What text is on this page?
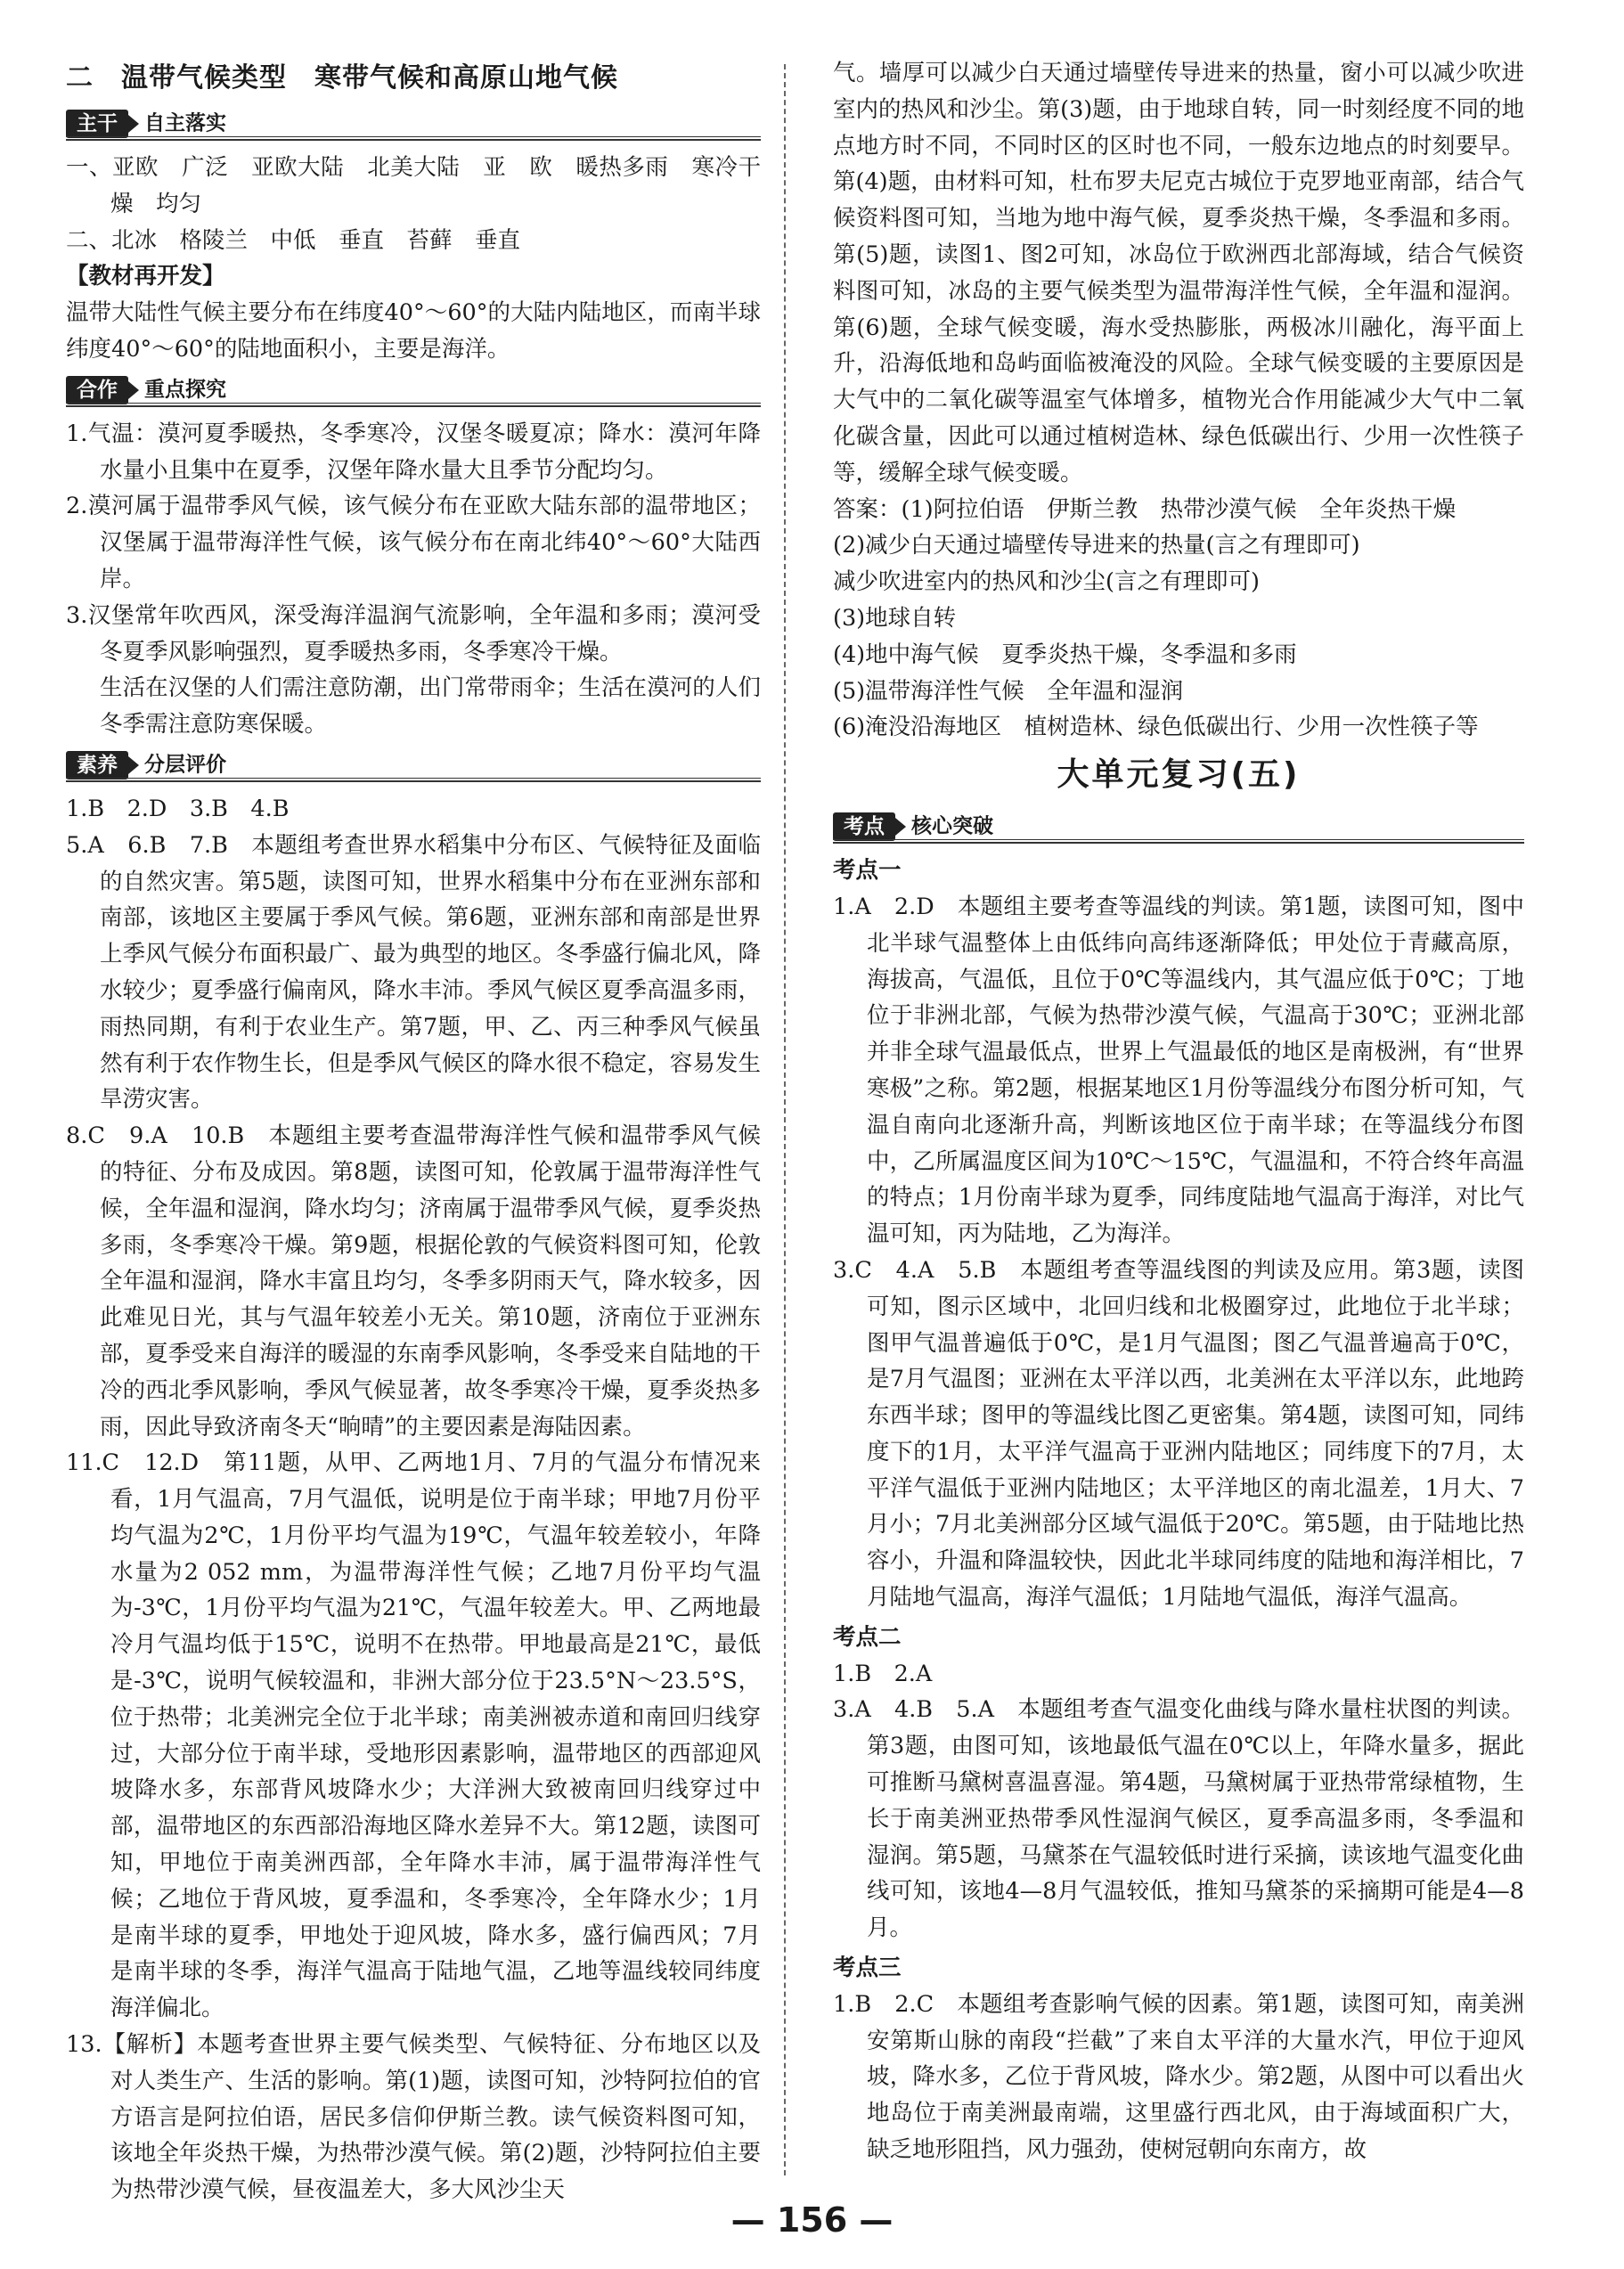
二　温带气候类型　寒带气候和高原山地气候
主干 自主落实

一、亚欧　广泛　亚欧大陆　北美大陆　亚　欧　暖热多雨　寒冷干燥　均匀

二、北冰　格陵兰　中低　垂直　苔藓　垂直

【教材再开发】

温带大陆性气候主要分布在纬度40°～60°的大陆内陆地区，而南半球纬度40°～60°的陆地面积小，主要是海洋。

合作 重点探究

1.气温：漠河夏季暖热，冬季寒冷，汉堡冬暖夏凉；降水：漠河年降水量小且集中在夏季，汉堡年降水量大且季节分配均匀。

2.漠河属于温带季风气候，该气候分布在亚欧大陆东部的温带地区；汉堡属于温带海洋性气候，该气候分布在南北纬40°～60°大陆西岸。

3.汉堡常年吹西风，深受海洋温润气流影响，全年温和多雨；漠河受冬夏季风影响强烈，夏季暖热多雨，冬季寒冷干燥。

生活在汉堡的人们需注意防潮，出门常带雨伞；生活在漠河的人们冬季需注意防寒保暖。

素养 分层评价

1.B　2.D　3.B　4.B

5.A　6.B　7.B　本题组考查世界水稻集中分布区、气候特征及面临的自然灾害。第5题，读图可知，世界水稻集中分布在亚洲东部和南部，该地区主要属于季风气候。第6题，亚洲东部和南部是世界上季风气候分布面积最广、最为典型的地区。冬季盛行偏北风，降水较少；夏季盛行偏南风，降水丰沛。季风气候区夏季高温多雨，雨热同期，有利于农业生产。第7题，甲、乙、丙三种季风气候虽然有利于农作物生长，但是季风气候区的降水很不稳定，容易发生旱涝灾害。

8.C　9.A　10.B　本题组主要考查温带海洋性气候和温带季风气候的特征、分布及成因。第8题，读图可知，伦敦属于温带海洋性气候，全年温和湿润，降水均匀；济南属于温带季风气候，夏季炎热多雨，冬季寒冷干燥。第9题，根据伦敦的气候资料图可知，伦敦全年温和湿润，降水丰富且均匀，冬季多阴雨天气，降水较多，因此难见日光，其与气温年较差小无关。第10题，济南位于亚洲东部，夏季受来自海洋的暖湿的东南季风影响，冬季受来自陆地的干冷的西北季风影响，季风气候显著，故冬季寒冷干燥，夏季炎热多雨，因此导致济南冬天“晌晴”的主要因素是海陆因素。

11.C　12.D　第11题，从甲、乙两地1月、7月的气温分布情况来看，1月气温高，7月气温低，说明是位于南半球；甲地7月份平均气温为2℃，1月份平均气温为19℃，气温年较差较小，年降水量为2 052 mm，为温带海洋性气候；乙地7月份平均气温为-3℃，1月份平均气温为21℃，气温年较差大。甲、乙两地最冷月气温均低于15℃，说明不在热带。甲地最高是21℃，最低是-3℃，说明气候较温和，非洲大部分位于23.5°N～23.5°S，位于热带；北美洲完全位于北半球；南美洲被赤道和南回归线穿过，大部分位于南半球，受地形因素影响，温带地区的西部迎风坡降水多，东部背风坡降水少；大洋洲大致被南回归线穿过中部，温带地区的东西部沿海地区降水差异不大。第12题，读图可知，甲地位于南美洲西部，全年降水丰沛，属于温带海洋性气候；乙地位于背风坡，夏季温和，冬季寒冷，全年降水少；1月是南半球的夏季，甲地处于迎风坡，降水多，盛行偏西风；7月是南半球的冬季，海洋气温高于陆地气温，乙地等温线较同纬度海洋偏北。

13.【解析】本题考查世界主要气候类型、气候特征、分布地区以及对人类生产、生活的影响。第(1)题，读图可知，沙特阿拉伯的官方语言是阿拉伯语，居民多信仰伊斯兰教。读气候资料图可知，该地全年炎热干燥，为热带沙漠气候。第(2)题，沙特阿拉伯主要为热带沙漠气候，昼夜温差大，多大风沙尘天

气。墙厚可以减少白天通过墙壁传导进来的热量，窗小可以减少吹进室内的热风和沙尘。第(3)题，由于地球自转，同一时刻经度不同的地点地方时不同，不同时区的区时也不同，一般东边地点的时刻要早。第(4)题，由材料可知，杜布罗夫尼克古城位于克罗地亚南部，结合气候资料图可知，当地为地中海气候，夏季炎热干燥，冬季温和多雨。第(5)题，读图1、图2可知，冰岛位于欧洲西北部海域，结合气候资料图可知，冰岛的主要气候类型为温带海洋性气候，全年温和湿润。第(6)题，全球气候变暖，海水受热膨胀，两极冰川融化，海平面上升，沿海低地和岛屿面临被淹没的风险。全球气候变暖的主要原因是大气中的二氧化碳等温室气体增多，植物光合作用能减少大气中二氧化碳含量，因此可以通过植树造林、绿色低碳出行、少用一次性筷子等，缓解全球气候变暖。

答案：(1)阿拉伯语　伊斯兰教　热带沙漠气候　全年炎热干燥

(2)减少白天通过墙壁传导进来的热量(言之有理即可)

减少吹进室内的热风和沙尘(言之有理即可)

(3)地球自转

(4)地中海气候　夏季炎热干燥，冬季温和多雨

(5)温带海洋性气候　全年温和湿润

(6)淹没沿海地区　植树造林、绿色低碳出行、少用一次性筷子等

大单元复习(五)
考点 核心突破

考点一

1.A　2.D　本题组主要考查等温线的判读。第1题，读图可知，图中北半球气温整体上由低纬向高纬逐渐降低；甲处位于青藏高原，海拔高，气温低，且位于0℃等温线内，其气温应低于0℃；丁地位于非洲北部，气候为热带沙漠气候，气温高于30℃；亚洲北部并非全球气温最低点，世界上气温最低的地区是南极洲，有“世界寒极”之称。第2题，根据某地区1月份等温线分布图分析可知，气温自南向北逐渐升高，判断该地区位于南半球；在等温线分布图中，乙所属温度区间为10℃～15℃，气温温和，不符合终年高温的特点；1月份南半球为夏季，同纬度陆地气温高于海洋，对比气温可知，丙为陆地，乙为海洋。

3.C　4.A　5.B　本题组考查等温线图的判读及应用。第3题，读图可知，图示区域中，北回归线和北极圈穿过，此地位于北半球；图甲气温普遍低于0℃，是1月气温图；图乙气温普遍高于0℃，是7月气温图；亚洲在太平洋以西，北美洲在太平洋以东，此地跨东西半球；图甲的等温线比图乙更密集。第4题，读图可知，同纬度下的1月，太平洋气温高于亚洲内陆地区；同纬度下的7月，太平洋气温低于亚洲内陆地区；太平洋地区的南北温差，1月大、7月小；7月北美洲部分区域气温低于20℃。第5题，由于陆地比热容小，升温和降温较快，因此北半球同纬度的陆地和海洋相比，7月陆地气温高，海洋气温低；1月陆地气温低，海洋气温高。

考点二

1.B　2.A

3.A　4.B　5.A　本题组考查气温变化曲线与降水量柱状图的判读。第3题，由图可知，该地最低气温在0℃以上，年降水量多，据此可推断马黛树喜温喜湿。第4题，马黛树属于亚热带常绿植物，生长于南美洲亚热带季风性湿润气候区，夏季高温多雨，冬季温和湿润。第5题，马黛茶在气温较低时进行采摘，读该地气温变化曲线可知，该地4—8月气温较低，推知马黛茶的采摘期可能是4—8月。

考点三

1.B　2.C　本题组考查影响气候的因素。第1题，读图可知，南美洲安第斯山脉的南段“拦截”了来自太平洋的大量水汽，甲位于迎风坡，降水多，乙位于背风坡，降水少。第2题，从图中可以看出火地岛位于南美洲最南端，这里盛行西北风，由于海域面积广大，缺乏地形阻挡，风力强劲，使树冠朝向东南方，故

— 156 —
